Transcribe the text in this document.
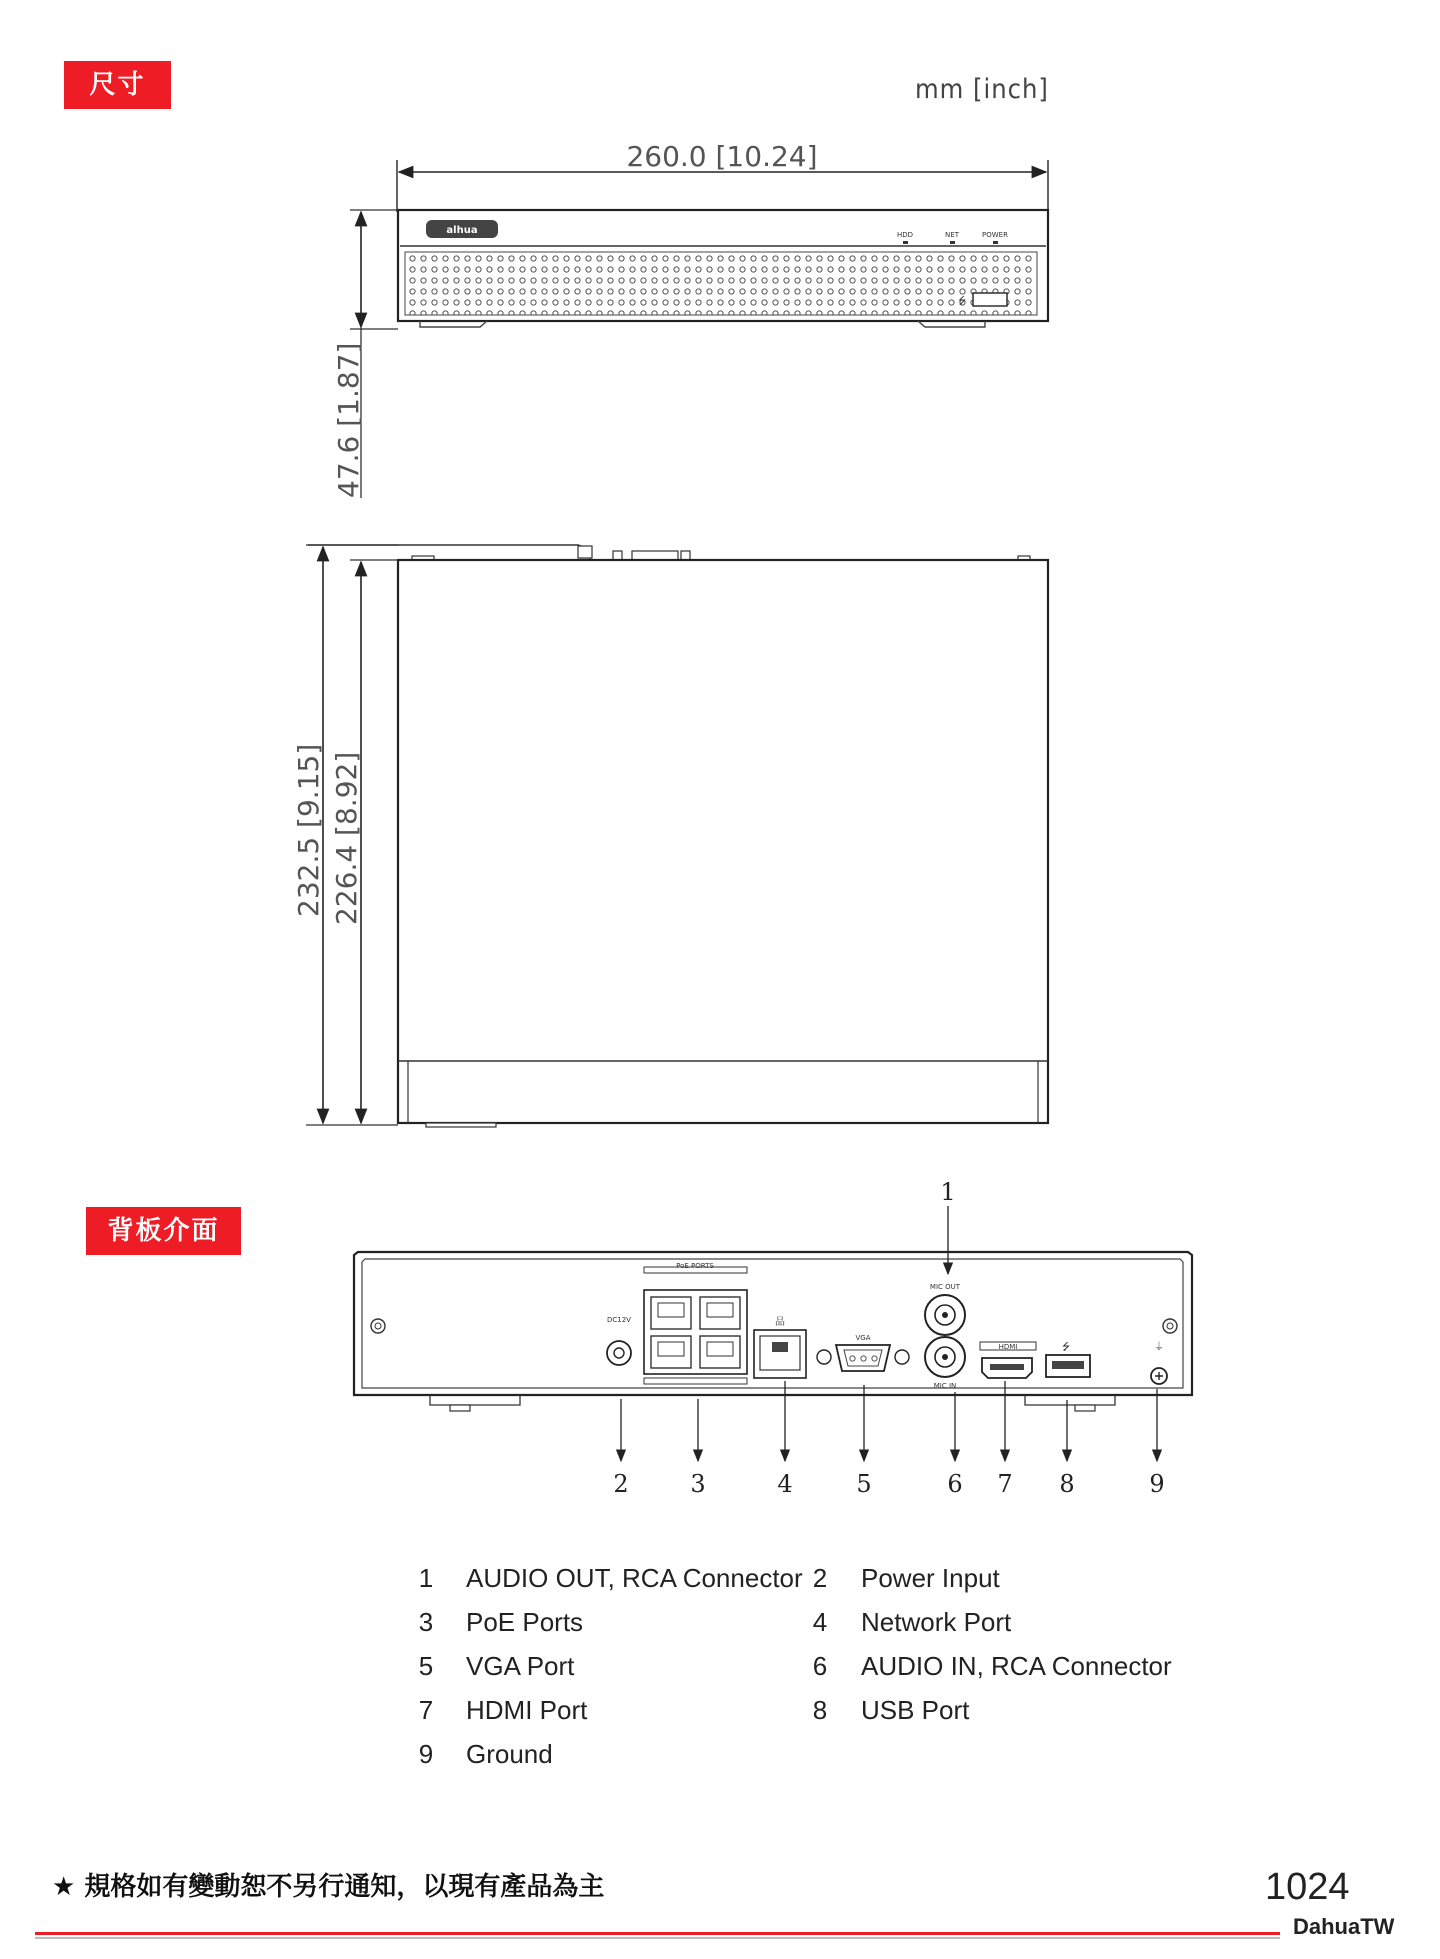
尺寸	mm [inch]
260.0 [10.24]
alhua	HDD	NET	POWER
⭍
47.6 [1.87]
232.5 [9.15] 226.4 [8.92]
DC12V
PoE PORTS
品
VGA
MIC OUT
MIC IN
HDMI	⭍	⏚
1
2	3	4	5	6 7 8	9
背板介面
1 AUDIO OUT, RCA Connector 2 Power Input
3 PoE Ports	4 Network Port
5 VGA Port	6 AUDIO IN, RCA Connector
7 HDMI Port	8 USB Port
9 Ground
★ 規格如有變動恕不另行通知，以現有產品為主	1024
DahuaTW
